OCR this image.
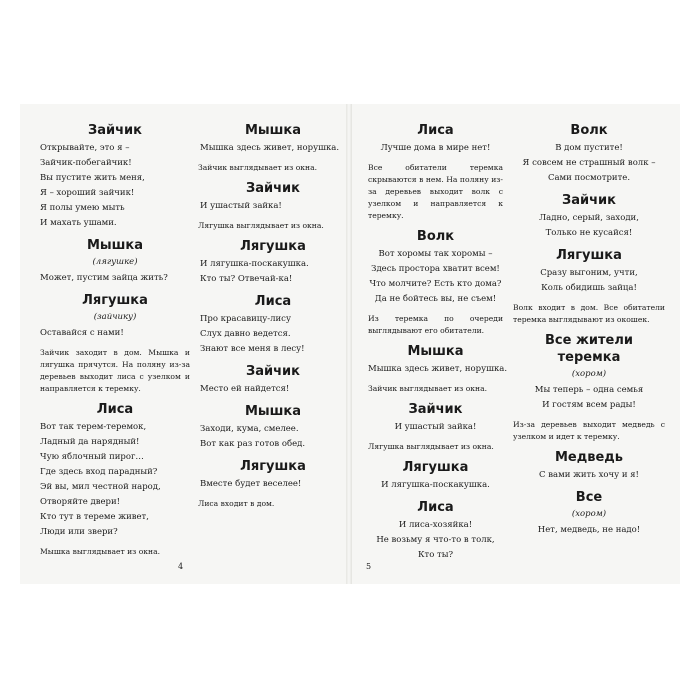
Зайчик
Открывайте, это я –
Зайчик-побегайчик!
Вы пустите жить меня,
Я – хороший зайчик!
Я полы умею мыть
И махать ушами.
Мышка
(лягушке)
Может, пустим зайца жить?
Лягушка
(зайчику)
Оставайся с нами!
Зайчик заходит в дом. Мышка и лягушка прячутся. На поляну из-за деревьев выходит лиса с узелком и направляется к теремку.
Лиса
Вот так терем-теремок,
Ладный да нарядный!
Чую яблочный пирог…
Где здесь вход парадный?
Эй вы, мил честной народ,
Отворяйте двери!
Кто тут в тереме живет,
Люди или звери?
Мышка выглядывает из окна.
Мышка
Мышка здесь живет, норушка.
Зайчик выглядывает из окна.
Зайчик
И ушастый зайка!
Лягушка выглядывает из окна.
Лягушка
И лягушка-поскакушка.
Кто ты? Отвечай-ка!
Лиса
Про красавицу-лису
Слух давно ведется.
Знают все меня в лесу!
Зайчик
Место ей найдется!
Мышка
Заходи, кума, смелее.
Вот как раз готов обед.
Лягушка
Вместе будет веселее!
Лиса входит в дом.
Лиса
Лучше дома в мире нет!
Все обитатели теремка скрываются в нем. На поляну из-за деревьев выходит волк с узелком и направляется к теремку.
Волк
Вот хоромы так хоромы –
Здесь простора хватит всем!
Что молчите? Есть кто дома?
Да не бойтесь вы, не съем!
Из теремка по очереди выглядывают его обитатели.
Мышка
Мышка здесь живет, норушка.
Зайчик выглядывает из окна.
Зайчик
И ушастый зайка!
Лягушка выглядывает из окна.
Лягушка
И лягушка-поскакушка.
Лиса
И лиса-хозяйка!
Не возьму я что-то в толк,
Кто ты?
Волк
В дом пустите!
Я совсем не страшный волк –
Сами посмотрите.
Зайчик
Ладно, серый, заходи,
Только не кусайся!
Лягушка
Сразу выгоним, учти,
Коль обидишь зайца!
Волк входит в дом. Все обитатели теремка выглядывают из окошек.
Все жители теремка
(хором)
Мы теперь – одна семья
И гостям всем рады!
Из-за деревьев выходит медведь с узелком и идет к теремку.
Медведь
С вами жить хочу и я!
Все
(хором)
Нет, медведь, не надо!
4	5
